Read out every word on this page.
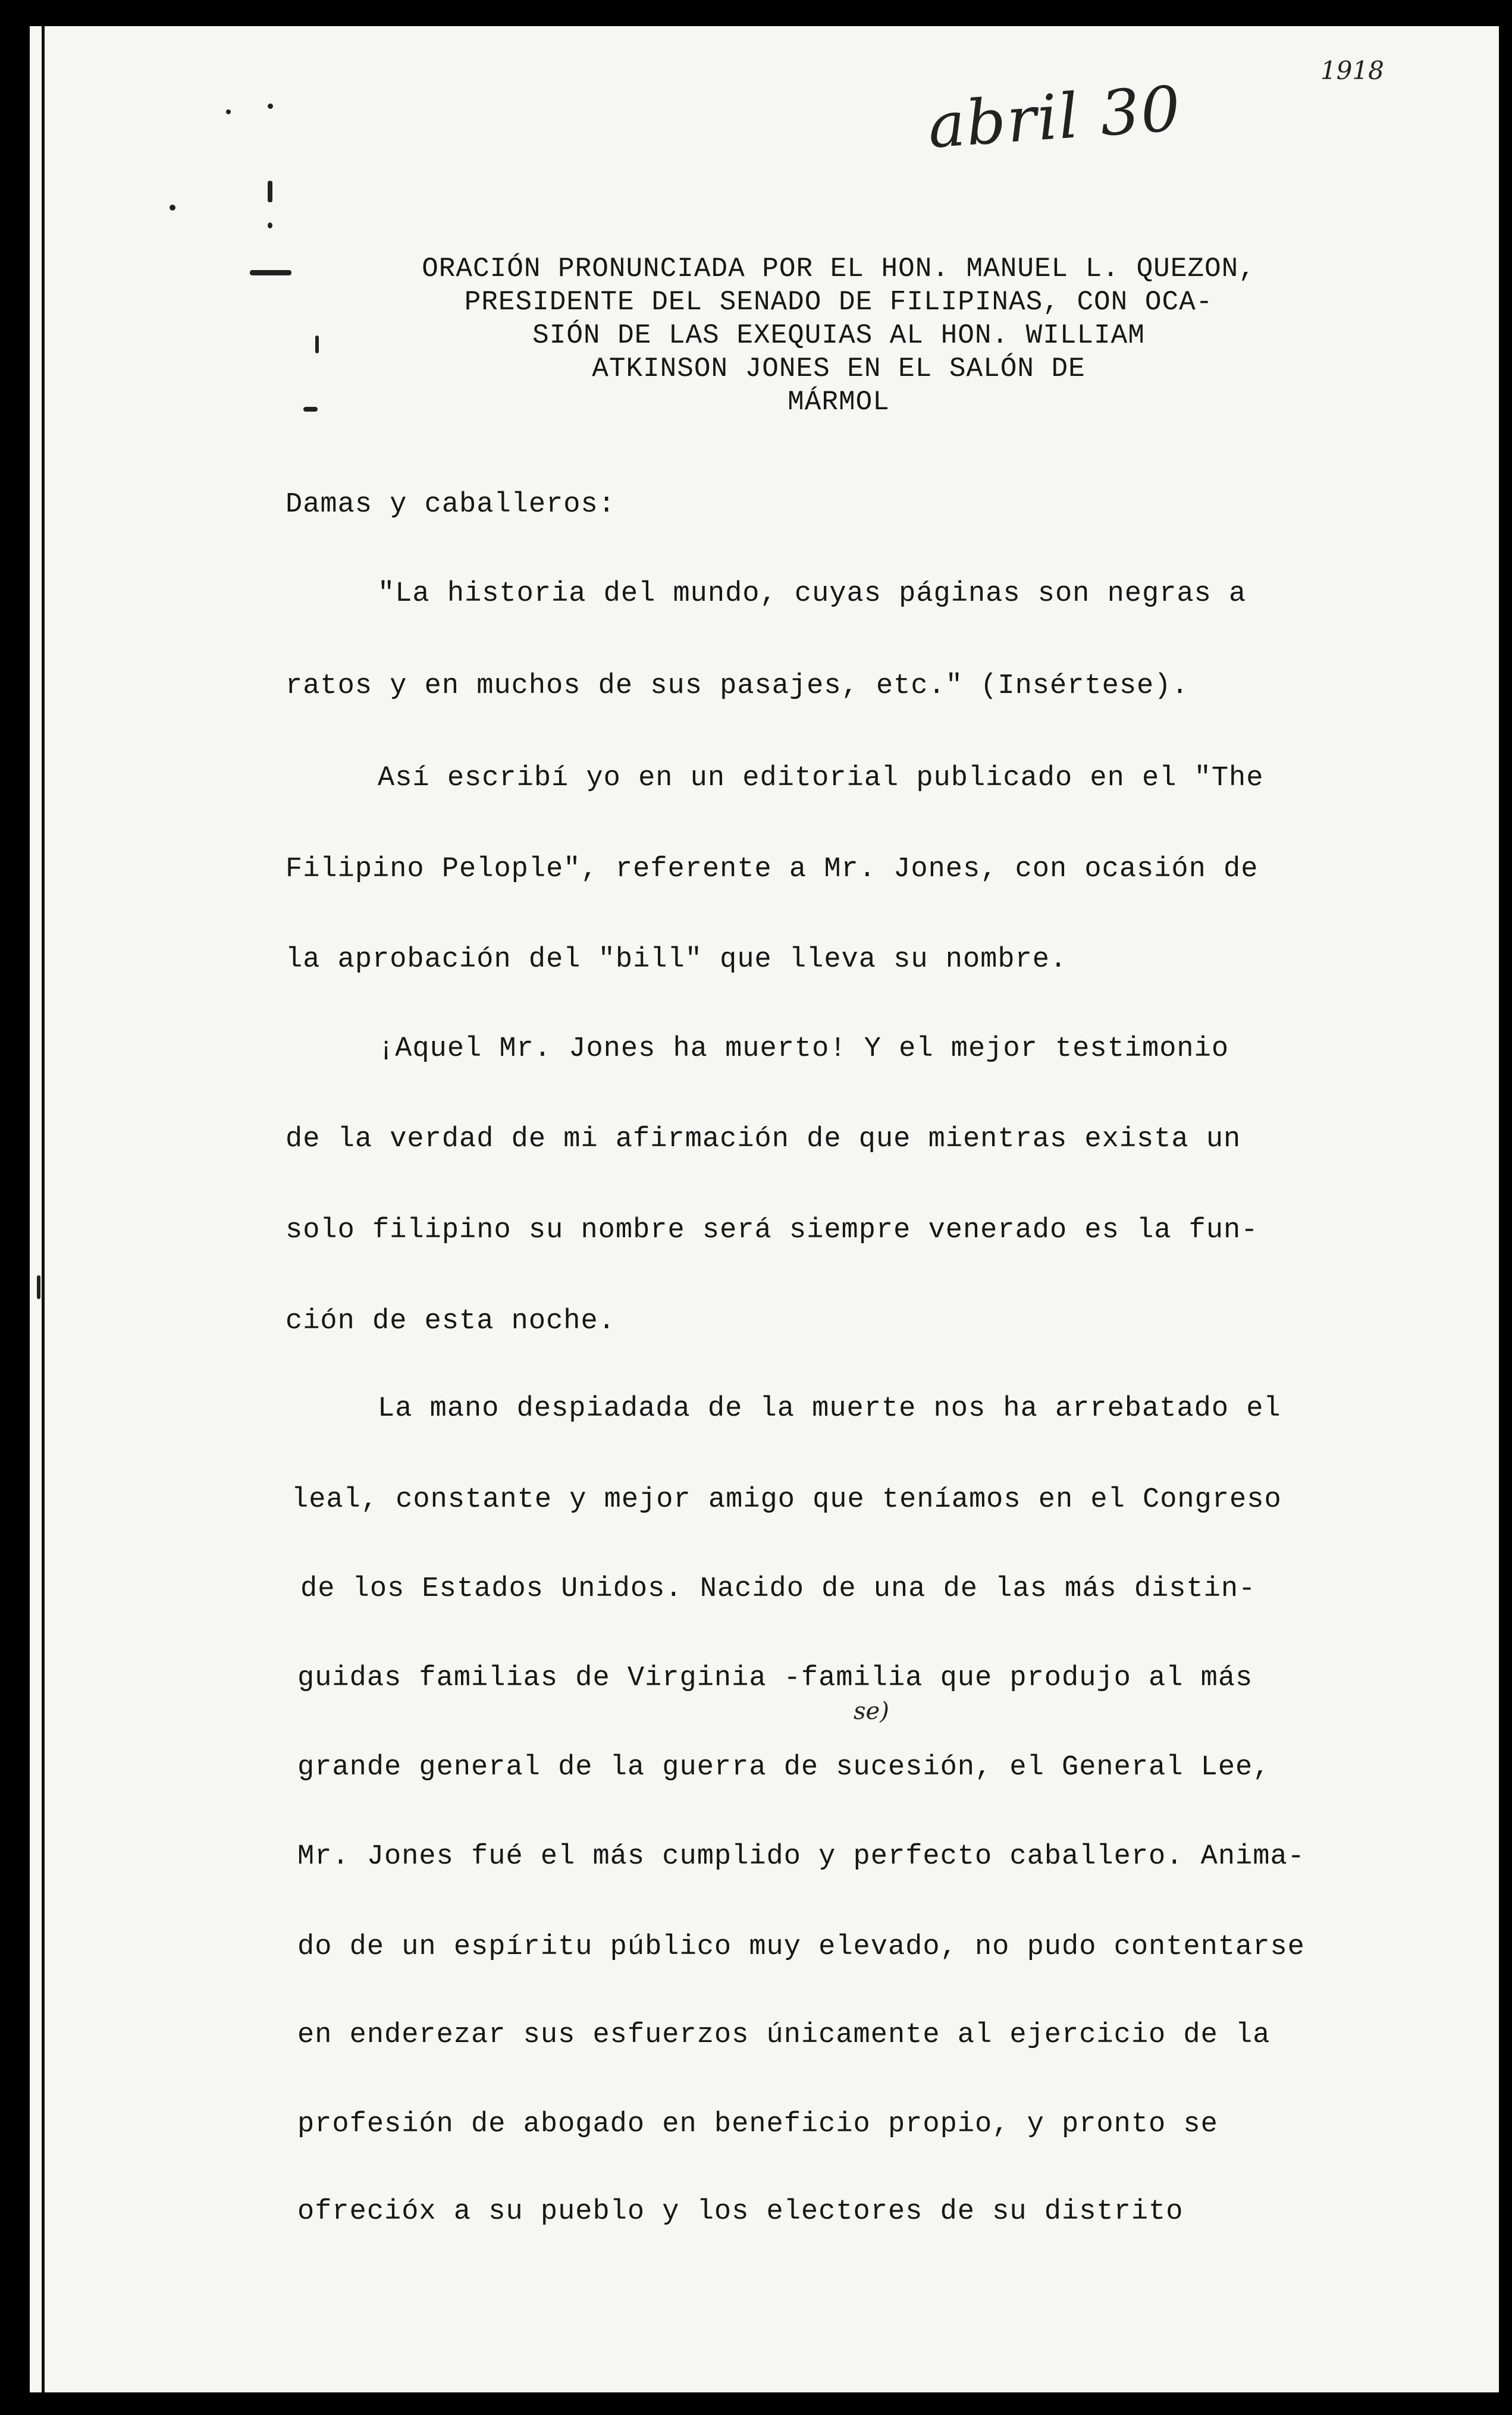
1918
abril 30
se)
ORACIÓN PRONUNCIADA POR EL HON. MANUEL L. QUEZON,
PRESIDENTE DEL SENADO DE FILIPINAS, CON OCA-
SIÓN DE LAS EXEQUIAS AL HON. WILLIAM
ATKINSON JONES EN EL SALÓN DE
MÁRMOL
Damas y caballeros:
"La historia del mundo, cuyas páginas son negras a
ratos y en muchos de sus pasajes, etc." (Insértese).
Así escribí yo en un editorial publicado en el "The
Filipino Pelople", referente a Mr. Jones, con ocasión de
la aprobación del "bill" que lleva su nombre.
¡Aquel Mr. Jones ha muerto! Y el mejor testimonio
de la verdad de mi afirmación de que mientras exista un
solo filipino su nombre será siempre venerado es la fun-
ción de esta noche.
La mano despiadada de la muerte nos ha arrebatado el
leal, constante y mejor amigo que teníamos en el Congreso
de los Estados Unidos. Nacido de una de las más distin-
guidas familias de Virginia -familia que produjo al más
grande general de la guerra de sucesión, el General Lee,
Mr. Jones fué el más cumplido y perfecto caballero. Anima-
do de un espíritu público muy elevado, no pudo contentarse
en enderezar sus esfuerzos únicamente al ejercicio de la
profesión de abogado en beneficio propio, y pronto se
ofrecióx a su pueblo y los electores de su distrito
